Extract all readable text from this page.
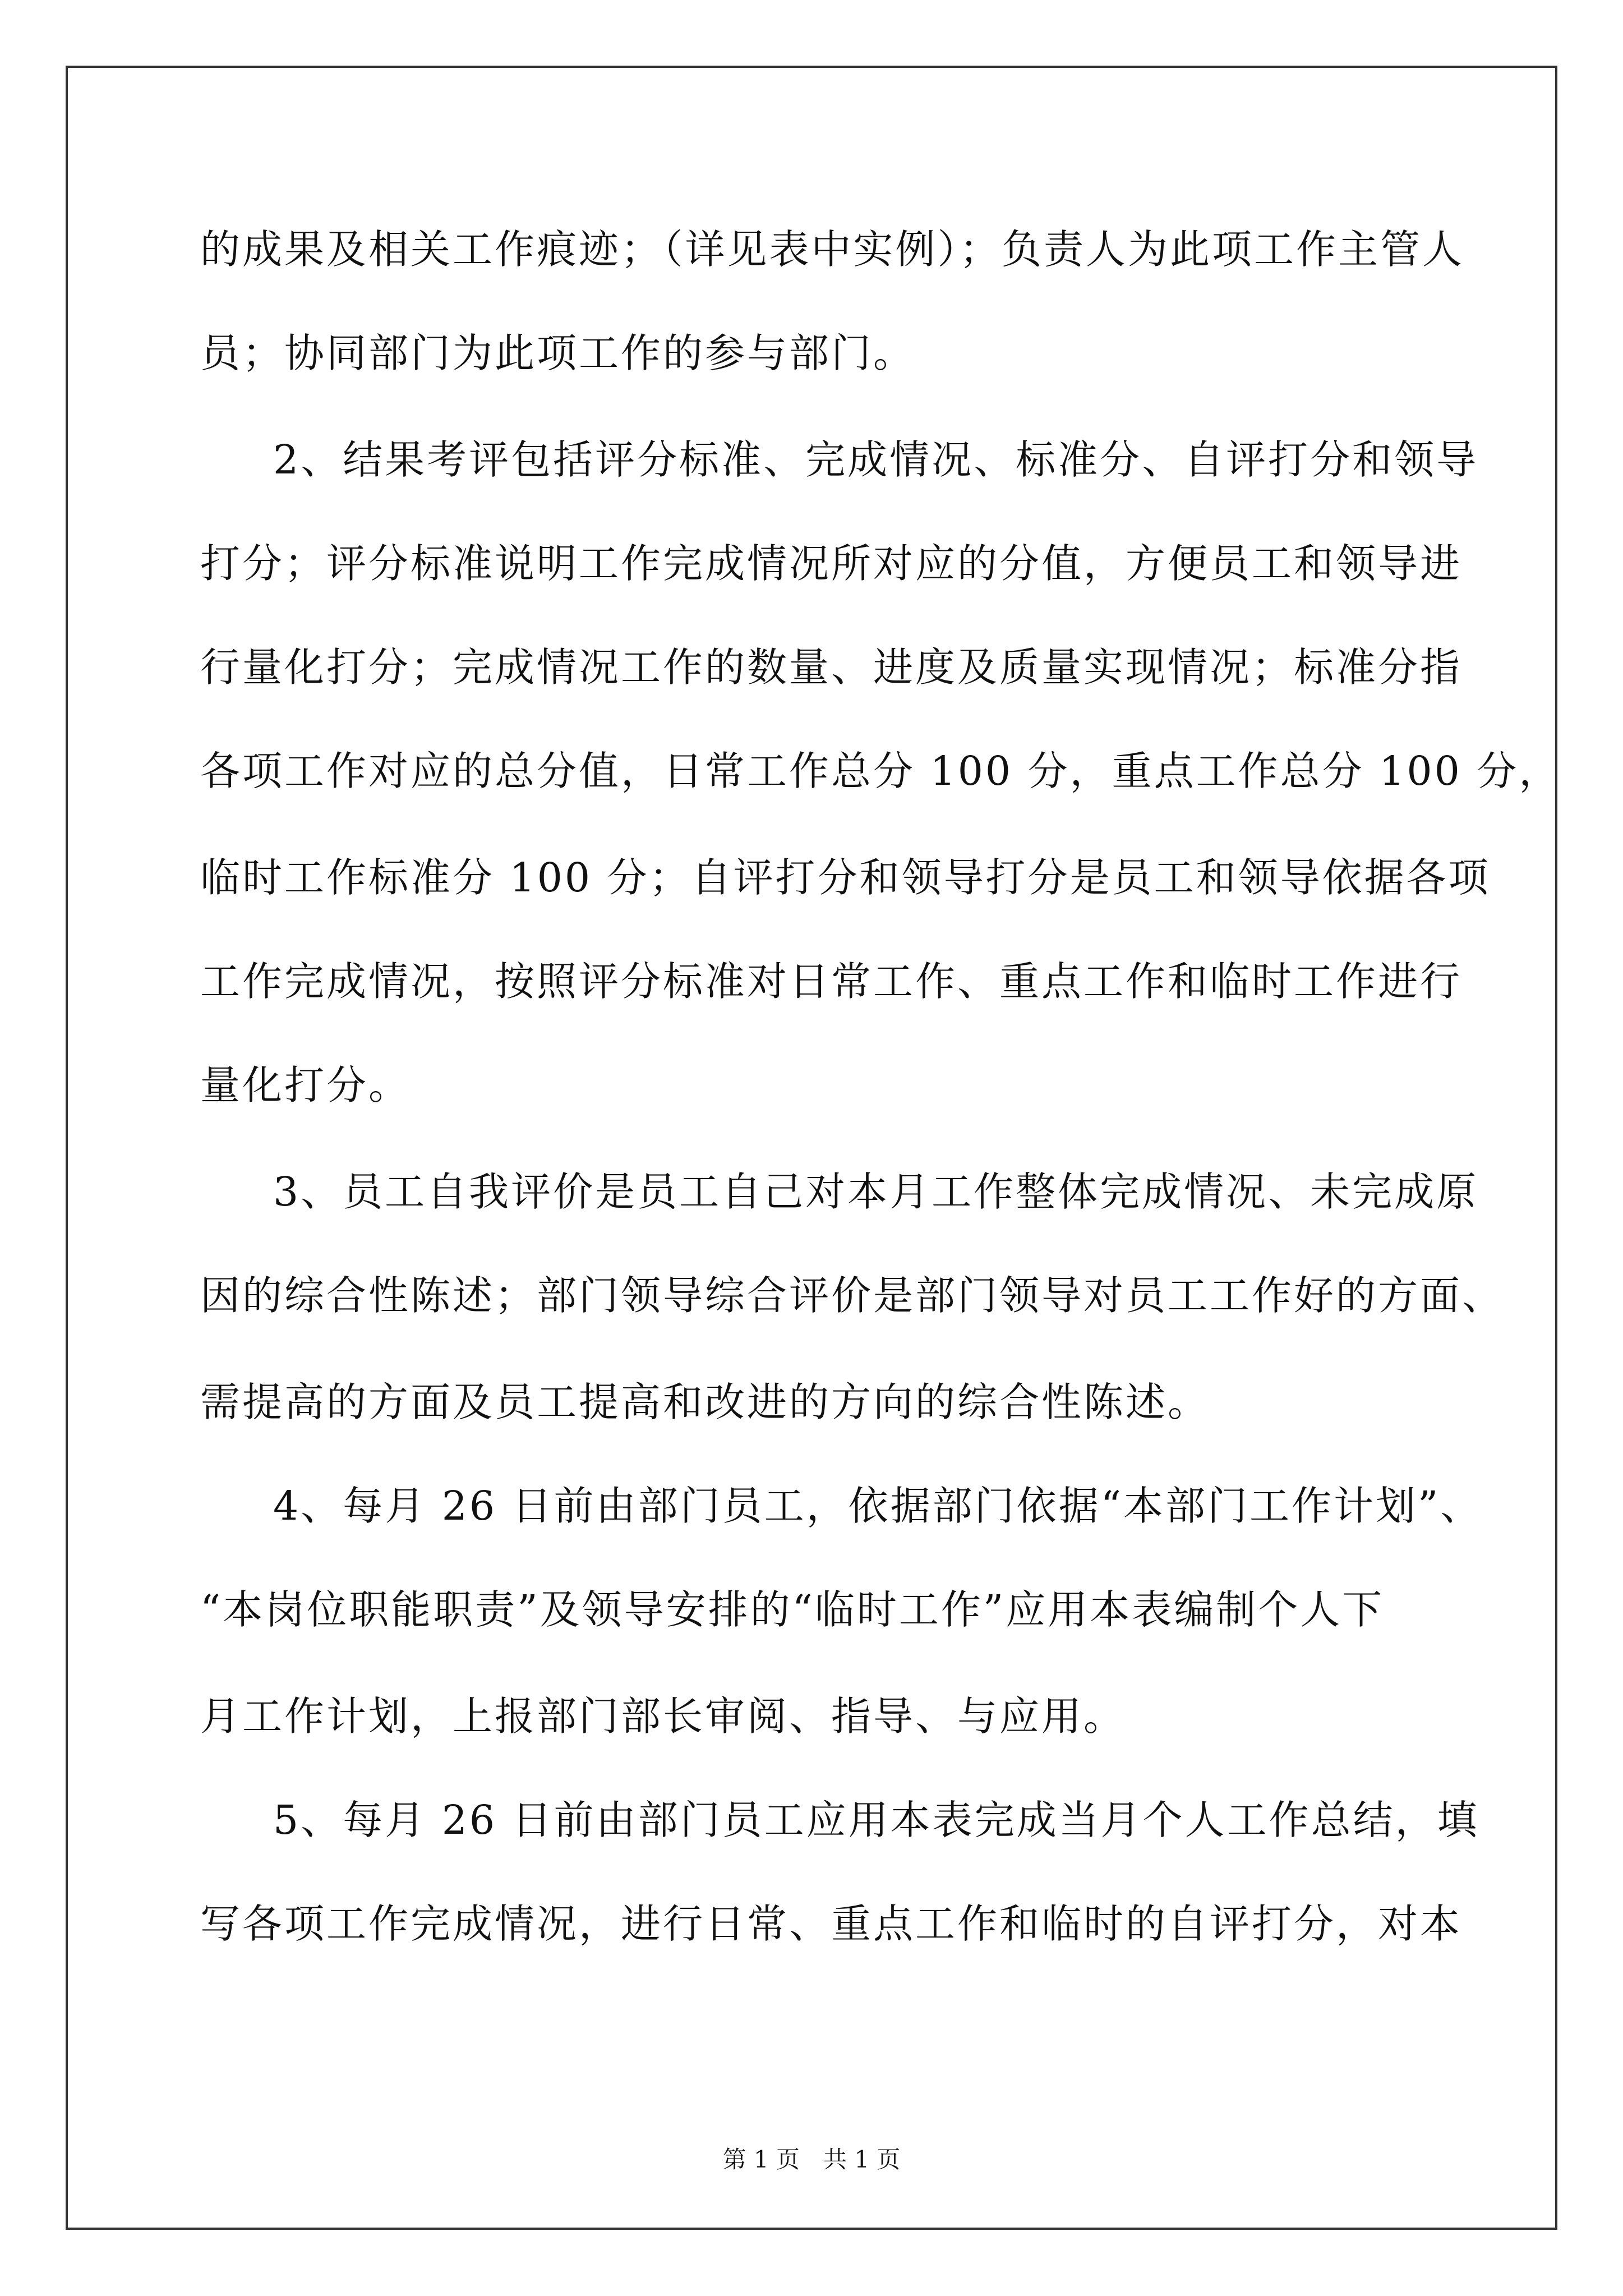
的成果及相关工作痕迹；（详见表中实例）；负责人为此项工作主管人
员；协同部门为此项工作的参与部门。
2、结果考评包括评分标准、完成情况、标准分、自评打分和领导
打分；评分标准说明工作完成情况所对应的分值，方便员工和领导进
行量化打分；完成情况工作的数量、进度及质量实现情况；标准分指
各项工作对应的总分值，日常工作总分 100 分，重点工作总分 100 分，
临时工作标准分 100 分；自评打分和领导打分是员工和领导依据各项
工作完成情况，按照评分标准对日常工作、重点工作和临时工作进行
量化打分。
3、员工自我评价是员工自己对本月工作整体完成情况、未完成原
因的综合性陈述；部门领导综合评价是部门领导对员工工作好的方面、
需提高的方面及员工提高和改进的方向的综合性陈述。
4、每月 26 日前由部门员工，依据部门依据“本部门工作计划”、
“本岗位职能职责”及领导安排的“临时工作”应用本表编制个人下
月工作计划，上报部门部长审阅、指导、与应用。
5、每月 26 日前由部门员工应用本表完成当月个人工作总结，填
写各项工作完成情况，进行日常、重点工作和临时的自评打分，对本
第 1 页　共 1 页
